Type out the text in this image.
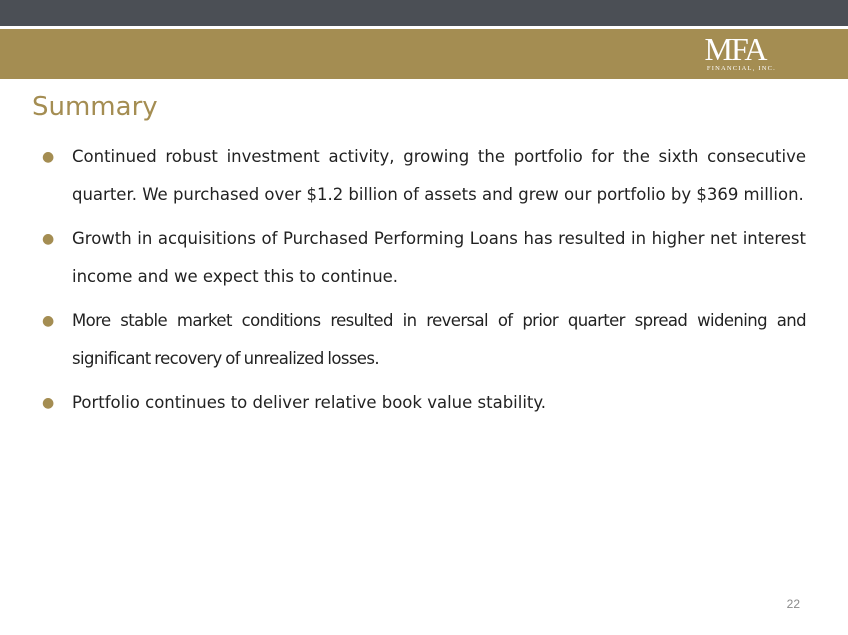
MFA
FINANCIAL, INC.
Summary
● Continued robust investment activity, growing the portfolio for the sixth consecutive quarter. We purchased over $1.2 billion of assets and grew our portfolio by $369 million.
● Growth in acquisitions of Purchased Performing Loans has resulted in higher net interest income and we expect this to continue.
● More stable market conditions resulted in reversal of prior quarter spread widening and significant recovery of unrealized losses.
● Portfolio continues to deliver relative book value stability.
22
